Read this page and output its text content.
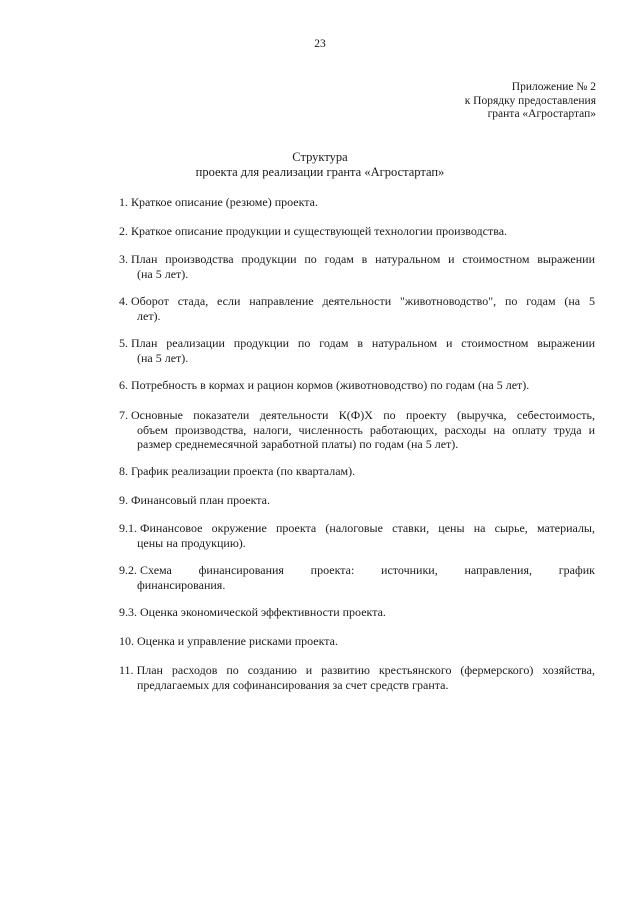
23
Приложение № 2
к Порядку предоставления
гранта «Агростартап»
Структура
проекта для реализации гранта «Агростартап»
1. Краткое описание (резюме) проекта.
2. Краткое описание продукции и существующей технологии производства.
3. План производства продукции по годам в натуральном и стоимостном выражении
(на 5 лет).
4. Оборот стада, если направление деятельности "животноводство", по годам (на 5
лет).
5. План реализации продукции по годам в натуральном и стоимостном выражении
(на 5 лет).
6. Потребность в кормах и рацион кормов (животноводство) по годам (на 5 лет).
7. Основные показатели деятельности К(Ф)Х по проекту (выручка, себестоимость,
объем производства, налоги, численность работающих, расходы на оплату труда и
размер среднемесячной заработной платы) по годам (на 5 лет).
8. График реализации проекта (по кварталам).
9. Финансовый план проекта.
9.1. Финансовое окружение проекта (налоговые ставки, цены на сырье, материалы,
цены на продукцию).
9.2. Схема финансирования проекта: источники, направления, график
финансирования.
9.3. Оценка экономической эффективности проекта.
10. Оценка и управление рисками проекта.
11. План расходов по созданию и развитию крестьянского (фермерского) хозяйства,
предлагаемых для софинансирования за счет средств гранта.
